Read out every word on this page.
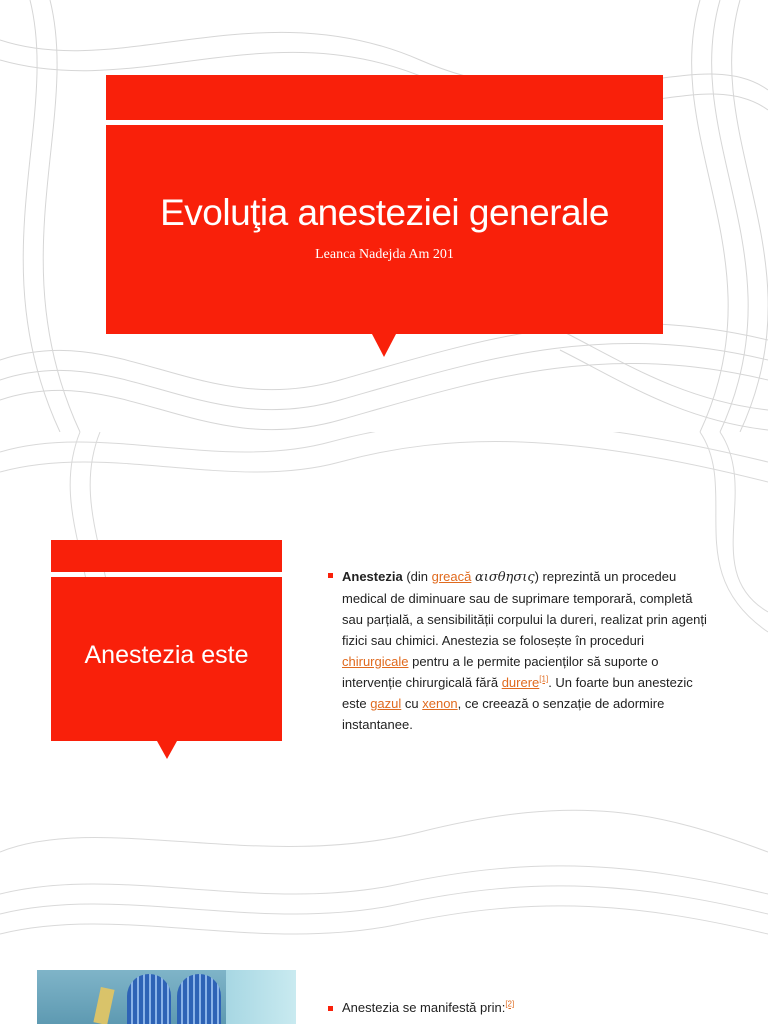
Evoluţia anesteziei generale
Leanca Nadejda Am 201
Anestezia este
Anestezia (din greacă αισθησις) reprezintă un procedeu medical de diminuare sau de suprimare temporară, completă sau parțială, a sensibilității corpului la dureri, realizat prin agenți fizici sau chimici. Anestezia se folosește în proceduri chirurgicale pentru a le permite pacienților să suporte o intervenție chirurgicală fără durere[1]. Un foarte bun anestezic este gazul cu xenon, ce creează o senzație de adormire instantanee.
Anestezia se manifestă prin:[2]
